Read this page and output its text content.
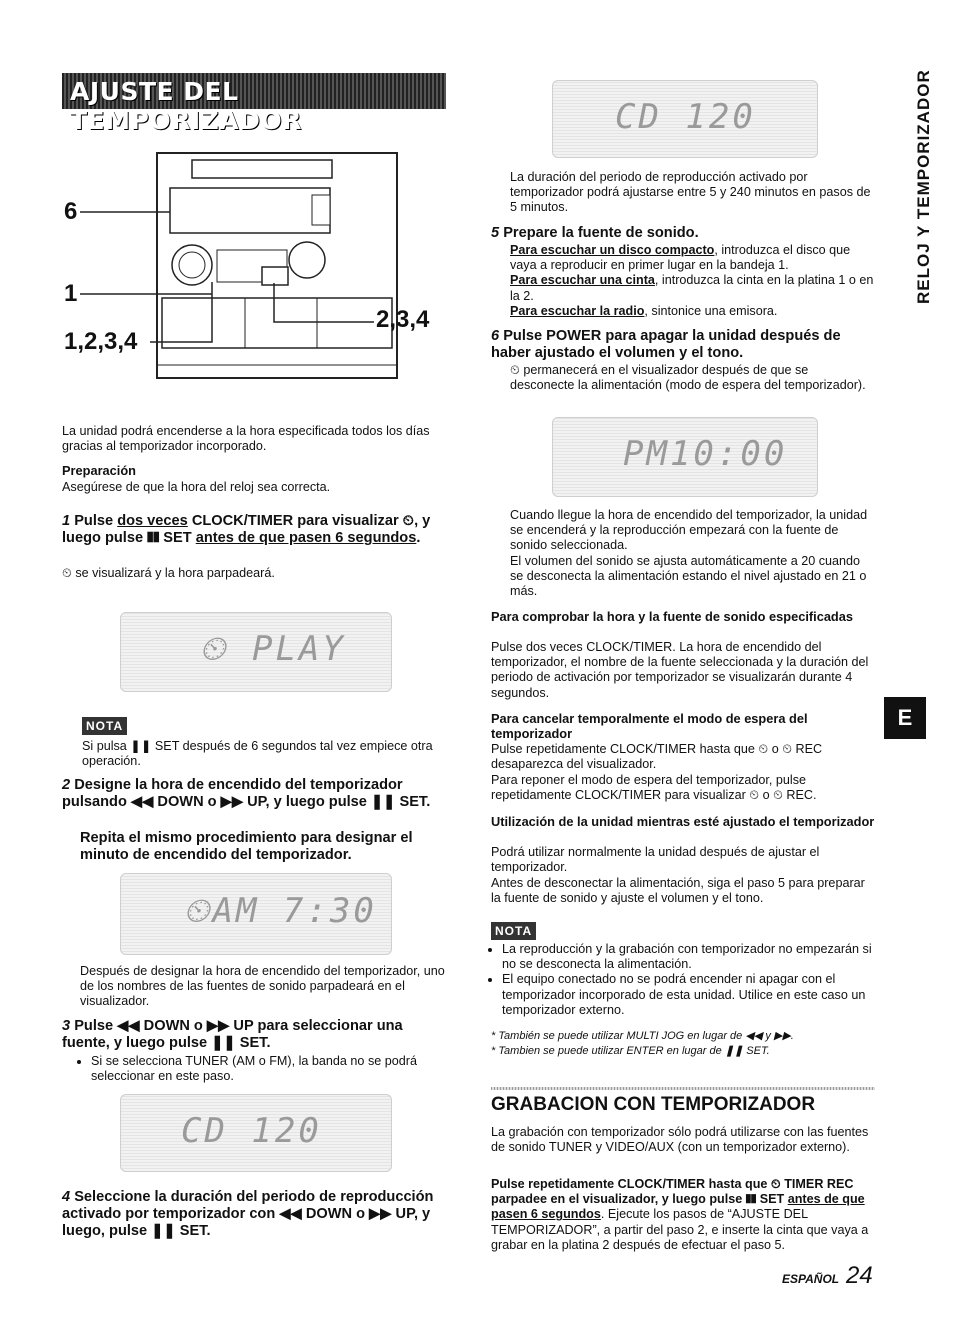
AJUSTE DEL TEMPORIZADOR
6
1
1,2,3,4
2,3,4

La unidad podrá encenderse a la hora especificada todos los días gracias al temporizador incorporado.

Preparación

Asegúrese de que la hora del reloj sea correcta.

1 Pulse dos veces CLOCK/TIMER para visualizar ⏲, y luego pulse ❚❚ SET antes de que pasen 6 segundos.

⏲ se visualizará y la hora parpadeará.

⏲ PLAY
NOTA

Si pulsa ❚❚ SET después de 6 segundos tal vez empiece otra operación.

2 Designe la hora de encendido del temporizador pulsando ◀◀ DOWN o ▶▶ UP, y luego pulse ❚❚ SET.

Repita el mismo procedimiento para designar el minuto de encendido del temporizador.

⏲AM 7:30

Después de designar la hora de encendido del temporizador, uno de los nombres de las fuentes de sonido parpadeará en el visualizador.

3 Pulse ◀◀ DOWN o ▶▶ UP para seleccionar una fuente, y luego pulse ❚❚ SET.
• Si se selecciona TUNER (AM o FM), la banda no se podrá seleccionar en este paso.
CD 120
4 Seleccione la duración del periodo de reproducción activado por temporizador con ◀◀ DOWN o ▶▶ UP, y luego, pulse ❚❚ SET.
CD 120

La duración del periodo de reproducción activado por temporizador podrá ajustarse entre 5 y 240 minutos en pasos de 5 minutos.

5 Prepare la fuente de sonido.
Para escuchar un disco compacto, introduzca el disco que vaya a reproducir en primer lugar en la bandeja 1.
Para escuchar una cinta, introduzca la cinta en la platina 1 o en la 2.
Para escuchar la radio, sintonice una emisora.
6 Pulse POWER para apagar la unidad después de haber ajustado el volumen y el tono.

⏲ permanecerá en el visualizador después de que se desconecte la alimentación (modo de espera del temporizador).

PM10:00

Cuando llegue la hora de encendido del temporizador, la unidad se encenderá y la reproducción empezará con la fuente de sonido seleccionada.

El volumen del sonido se ajusta automáticamente a 20 cuando se desconecta la alimentación estando el nivel ajustado en 21 o más.

Para comprobar la hora y la fuente de sonido especificadas

Pulse dos veces CLOCK/TIMER. La hora de encendido del temporizador, el nombre de la fuente seleccionada y la duración del periodo de activación por temporizador se visualizarán durante 4 segundos.

Para cancelar temporalmente el modo de espera del temporizador

Pulse repetidamente CLOCK/TIMER hasta que ⏲ o ⏲ REC desaparezca del visualizador.

Para reponer el modo de espera del temporizador, pulse repetidamente CLOCK/TIMER para visualizar ⏲ o ⏲ REC.

Utilización de la unidad mientras esté ajustado el temporizador

Podrá utilizar normalmente la unidad después de ajustar el temporizador.

Antes de desconectar la alimentación, siga el paso 5 para preparar la fuente de sonido y ajuste el volumen y el tono.

NOTA
• La reproducción y la grabación con temporizador no empezarán si no se desconecta la alimentación.
• El equipo conectado no se podrá encender ni apagar con el temporizador incorporado de esta unidad. Utilice en este caso un temporizador externo.

* También se puede utilizar MULTI JOG en lugar de ◀◀ y ▶▶.

* Tambien se puede utilizar ENTER en lugar de ❚❚ SET.

GRABACION CON TEMPORIZADOR

La grabación con temporizador sólo podrá utilizarse con las fuentes de sonido TUNER y VIDEO/AUX (con un temporizador externo).

Pulse repetidamente CLOCK/TIMER hasta que ⏲ TIMER REC parpadee en el visualizador, y luego pulse ❚❚ SET antes de que pasen 6 segundos. Ejecute los pasos de “AJUSTE DEL TEMPORIZADOR”, a partir del paso 2, e inserte la cinta que vaya a grabar en la platina 2 después de efectuar el paso 5.
RELOJ Y TEMPORIZADOR
E
ESPAÑOL 24
